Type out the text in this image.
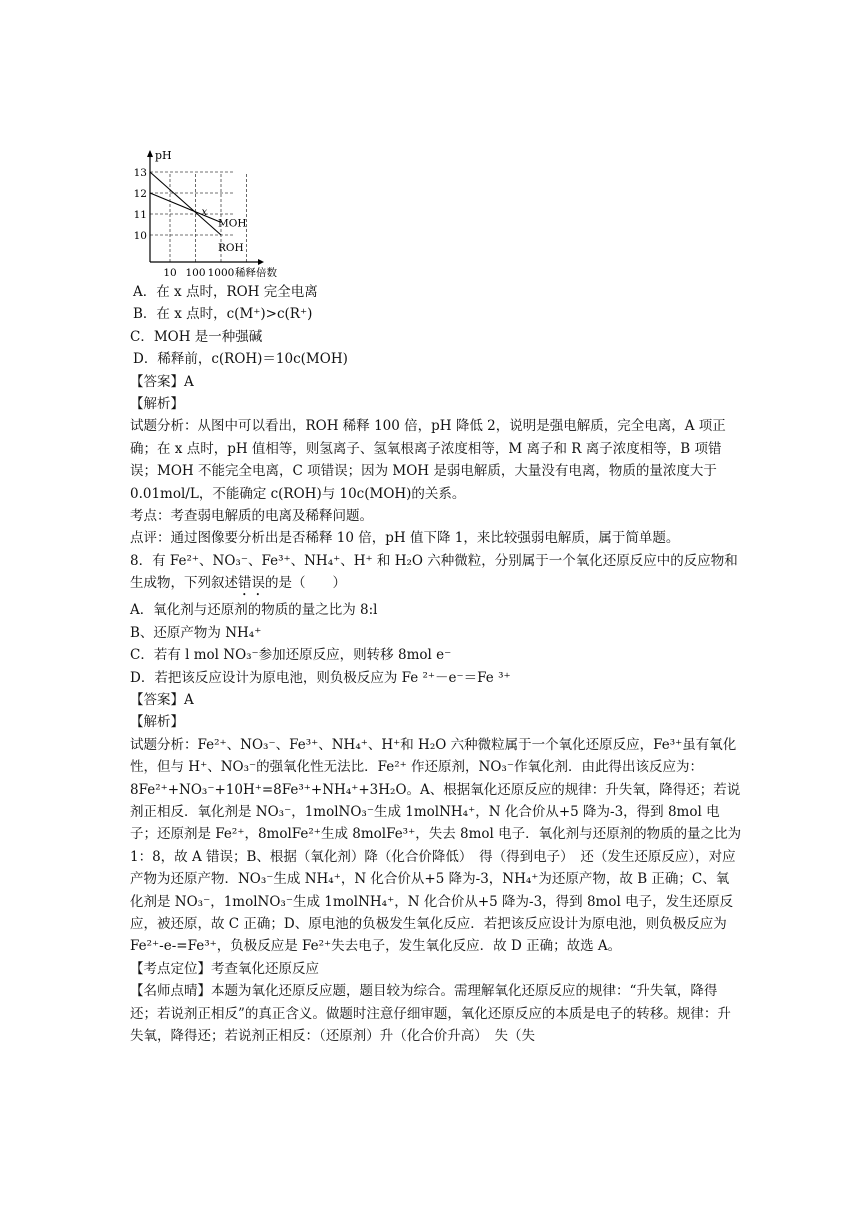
pH
13
12
11
10
10 100 1000 稀释倍数
MOH
ROH
x

A．在 x 点时，ROH 完全电离

B．在 x 点时，c(M⁺)>c(R⁺)

C．MOH 是一种强碱

D．稀释前，c(ROH)＝10c(MOH)

【答案】A

【解析】

试题分析：从图中可以看出，ROH 稀释 100 倍，pH 降低 2，说明是强电解质，完全电离，A 项正确；在 x 点时，pH 值相等，则氢离子、氢氧根离子浓度相等，M 离子和 R 离子浓度相等，B 项错误；MOH 不能完全电离，C 项错误；因为 MOH 是弱电解质，大量没有电离，物质的量浓度大于 0.01mol/L，不能确定 c(ROH)与 10c(MOH)的关系。

考点：考查弱电解质的电离及稀释问题。

点评：通过图像要分析出是否稀释 10 倍，pH 值下降 1，来比较强弱电解质，属于简单题。

8．有 Fe²⁺、NO₃⁻、Fe³⁺、NH₄⁺、H⁺ 和 H₂O 六种微粒，分别属于一个氧化还原反应中的反应物和生成物，下列叙述错误的是（　　）

A．氧化剂与还原剂的物质的量之比为 8:l

B、还原产物为 NH₄⁺

C．若有 l mol NO₃⁻参加还原反应，则转移 8mol e⁻

D．若把该反应设计为原电池，则负极反应为 Fe ²⁺－e⁻＝Fe ³⁺

【答案】A

【解析】

试题分析：Fe²⁺、NO₃⁻、Fe³⁺、NH₄⁺、H⁺和 H₂O 六种微粒属于一个氧化还原反应，Fe³⁺虽有氧化性，但与 H⁺、NO₃⁻的强氧化性无法比．Fe²⁺ 作还原剂，NO₃⁻作氧化剂．由此得出该反应为：8Fe²⁺+NO₃⁻+10H⁺=8Fe³⁺+NH₄⁺+3H₂O。A、根据氧化还原反应的规律：升失氧，降得还；若说剂正相反．氧化剂是 NO₃⁻，1molNO₃⁻生成 1molNH₄⁺，N 化合价从+5 降为-3，得到 8mol 电子；还原剂是 Fe²⁺，8molFe²⁺生成 8molFe³⁺，失去 8mol 电子．氧化剂与还原剂的物质的量之比为 1：8，故 A 错误；B、根据（氧化剂）降（化合价降低）　得（得到电子）　还（发生还原反应），对应产物为还原产物．NO₃⁻生成 NH₄⁺，N 化合价从+5 降为-3，NH₄⁺为还原产物，故 B 正确；C、氧化剂是 NO₃⁻，1molNO₃⁻生成 1molNH₄⁺，N 化合价从+5 降为-3，得到 8mol 电子，发生还原反应，被还原，故 C 正确；D、原电池的负极发生氧化反应．若把该反应设计为原电池，则负极反应为 Fe²⁺-e-=Fe³⁺，负极反应是 Fe²⁺失去电子，发生氧化反应．故 D 正确；故选 A。

【考点定位】考查氧化还原反应

【名师点晴】本题为氧化还原反应题，题目较为综合。需理解氧化还原反应的规律：“升失氧，降得还；若说剂正相反”的真正含义。做题时注意仔细审题，氧化还原反应的本质是电子的转移。规律：升失氧，降得还；若说剂正相反：（还原剂）升（化合价升高）　失（失
